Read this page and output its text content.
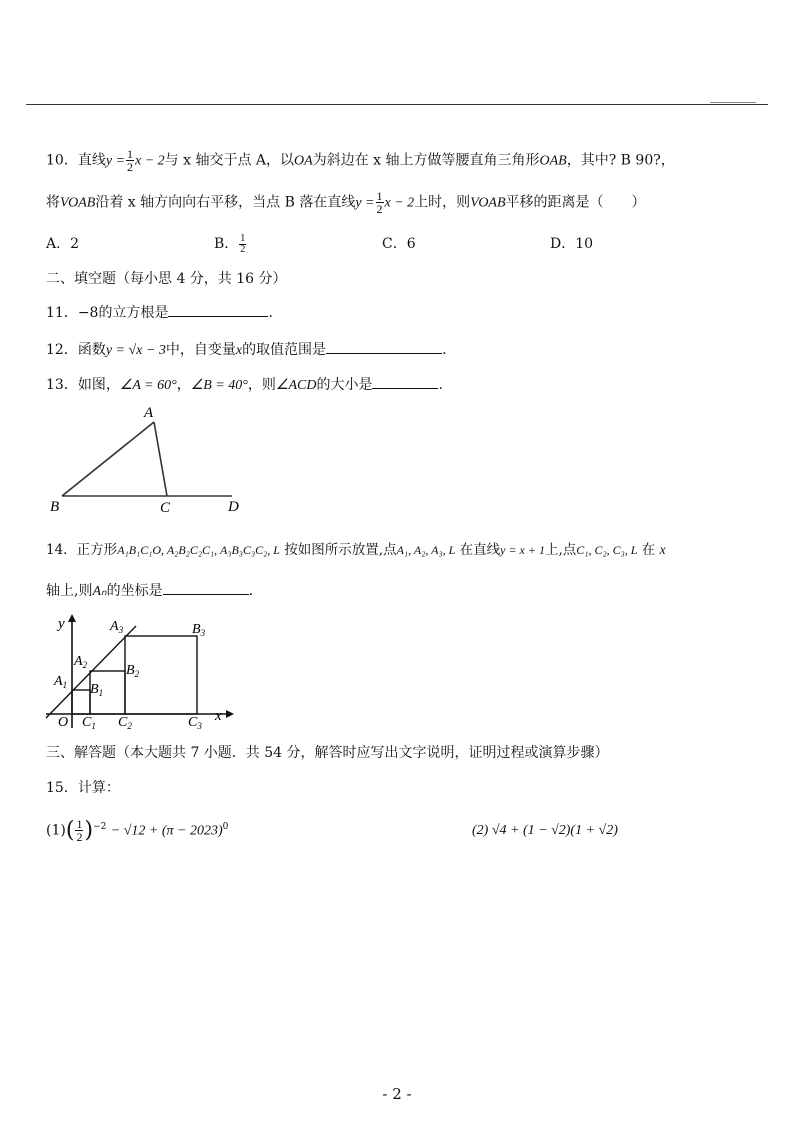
10．直线$y = \frac{1}{2}$ x − 2与 x 轴交于点 A，以OA为斜边在 x 轴上方做等腰直角三角形OAB，其中? B 90?，
将VOAB沿着 x 轴方向向右平移，当点 B 落在直线$y = \frac{1}{2}$ x − 2上时，则VOAB平移的距离是（　　）
A．2	B． $\frac{1}{2}$	C．6	D．10
二、填空题（每小思 4 分，共 16 分）
11．−8的立方根是	.
12．函数y = √x − 3中，自变量x的取值范围是	.
13．如图，∠A = 60°，∠B = 40°，则∠ACD的大小是	.
A
B	C	D
14．正方形A₁B₁C₁O, A₂B₂C₂C₁, A₃B₃C₃C₂, L 按如图所示放置,点A₁, A₂, A₃, L 在直线y = x + 1上,点C₁, C₂, C₃, L 在 x
轴上,则Aₙ的坐标是	.
y
x
O
$A_1$
$A_2$
$A_3$
$B_1$
$B_2$
$B_3$
$C_1$ $C_2$	$C_3$
三、解答题（本大题共 7 小题．共 54 分，解答时应写出文字说明，证明过程或演算步骤）
15．计算：
$(1)( \frac{1}{2} )^{-2} - √12 + (\pi - 2023)^0$	(2) √4 + (1 − √2)(1 + √2)
- 2 -
